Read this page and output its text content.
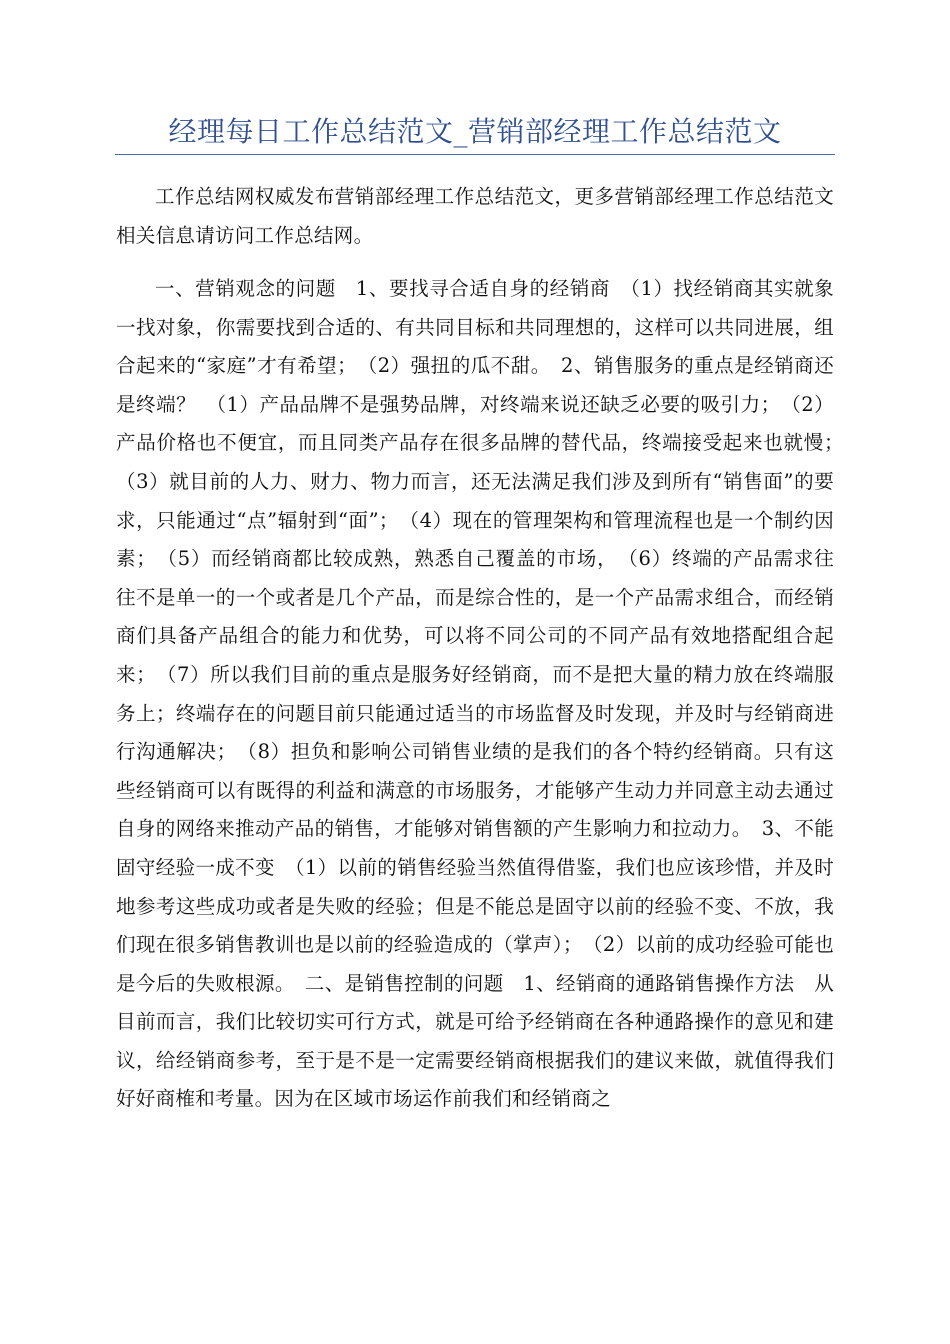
经理每日工作总结范文_营销部经理工作总结范文

工作总结网权威发布营销部经理工作总结范文，更多营销部经理工作总结范文相关信息请访问工作总结网。

一、营销观念的问题　1、要找寻合适自身的经销商　（1）找经销商其实就象一找对象，你需要找到合适的、有共同目标和共同理想的，这样可以共同进展，组合起来的“家庭”才有希望；　（2）强扭的瓜不甜。　2、销售服务的重点是经销商还是终端？　（1）产品品牌不是强势品牌，对终端来说还缺乏必要的吸引力；　（2）产品价格也不便宜，而且同类产品存在很多品牌的替代品，终端接受起来也就慢；　（3）就目前的人力、财力、物力而言，还无法满足我们涉及到所有“销售面”的要求，只能通过“点”辐射到“面”；　（4）现在的管理架构和管理流程也是一个制约因素；　（5）而经销商都比较成熟，熟悉自己覆盖的市场，　（6）终端的产品需求往往不是单一的一个或者是几个产品，而是综合性的，是一个产品需求组合，而经销商们具备产品组合的能力和优势，可以将不同公司的不同产品有效地搭配组合起来；　（7）所以我们目前的重点是服务好经销商，而不是把大量的精力放在终端服务上；终端存在的问题目前只能通过适当的市场监督及时发现，并及时与经销商进行沟通解决；　（8）担负和影响公司销售业绩的是我们的各个特约经销商。只有这些经销商可以有既得的利益和满意的市场服务，才能够产生动力并同意主动去通过自身的网络来推动产品的销售，才能够对销售额的产生影响力和拉动力。　3、不能固守经验一成不变　（1）以前的销售经验当然值得借鉴，我们也应该珍惜，并及时地参考这些成功或者是失败的经验；但是不能总是固守以前的经验不变、不放，我们现在很多销售教训也是以前的经验造成的（掌声）；　（2）以前的成功经验可能也是今后的失败根源。　二、是销售控制的问题　1、经销商的通路销售操作方法　从目前而言，我们比较切实可行方式，就是可给予经销商在各种通路操作的意见和建议，给经销商参考，至于是不是一定需要经销商根据我们的建议来做，就值得我们好好商榷和考量。因为在区域市场运作前我们和经销商之
